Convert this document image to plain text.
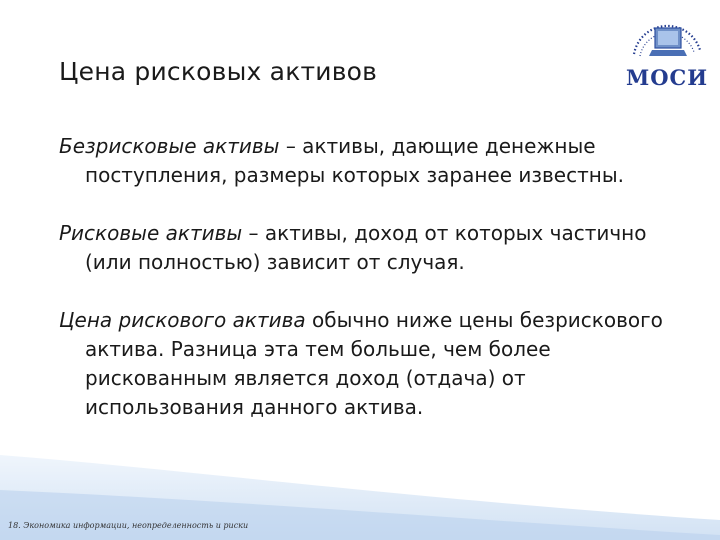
Цена рисковых активов	МОСИ

Безрисковые активы – активы, дающие денежные поступления, размеры которых заранее известны.

Рисковые активы – активы, доход от которых частично (или полностью) зависит от случая.

Цена рискового актива обычно ниже цены безрискового актива. Разница эта тем больше, чем более рискованным является доход (отдача) от использования данного актива.

18. Экономика информации, неопределенность и риски
